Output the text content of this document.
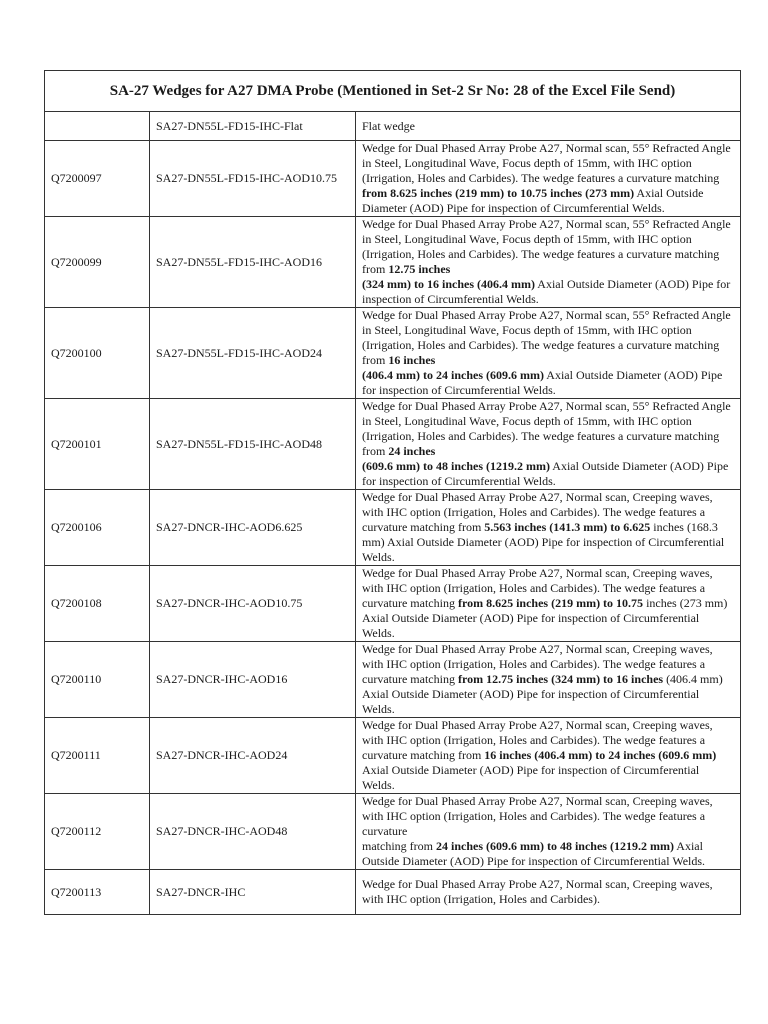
SA-27 Wedges for A27 DMA Probe (Mentioned in Set-2 Sr No: 28 of the Excel File Send)		
	SA27-DN55L-FD15-IHC-Flat	Flat wedge
Q7200097	SA27-DN55L-FD15-IHC-AOD10.75	Wedge for Dual Phased Array Probe A27, Normal scan, 55° Refracted Angle in Steel, Longitudinal Wave, Focus depth of 15mm, with IHC option (Irrigation, Holes and Carbides). The wedge features a curvature matching from 8.625 inches (219 mm) to 10.75 inches (273 mm) Axial Outside Diameter (AOD) Pipe for inspection of Circumferential Welds.
Q7200099	SA27-DN55L-FD15-IHC-AOD16	Wedge for Dual Phased Array Probe A27, Normal scan, 55° Refracted Angle in Steel, Longitudinal Wave, Focus depth of 15mm, with IHC option (Irrigation, Holes and Carbides). The wedge features a curvature matching from 12.75 inches
(324 mm) to 16 inches (406.4 mm) Axial Outside Diameter (AOD) Pipe for inspection of Circumferential Welds.
Q7200100	SA27-DN55L-FD15-IHC-AOD24	Wedge for Dual Phased Array Probe A27, Normal scan, 55° Refracted Angle in Steel, Longitudinal Wave, Focus depth of 15mm, with IHC option (Irrigation, Holes and Carbides). The wedge features a curvature matching from 16 inches
(406.4 mm) to 24 inches (609.6 mm) Axial Outside Diameter (AOD) Pipe for inspection of Circumferential Welds.
Q7200101	SA27-DN55L-FD15-IHC-AOD48	Wedge for Dual Phased Array Probe A27, Normal scan, 55° Refracted Angle in Steel, Longitudinal Wave, Focus depth of 15mm, with IHC option (Irrigation, Holes and Carbides). The wedge features a curvature matching from 24 inches
(609.6 mm) to 48 inches (1219.2 mm) Axial Outside Diameter (AOD) Pipe for inspection of Circumferential Welds.
Q7200106	SA27-DNCR-IHC-AOD6.625	Wedge for Dual Phased Array Probe A27, Normal scan, Creeping waves, with IHC option (Irrigation, Holes and Carbides). The wedge features a curvature matching from 5.563 inches (141.3 mm) to 6.625 inches (168.3 mm) Axial Outside Diameter (AOD) Pipe for inspection of Circumferential Welds.
Q7200108	SA27-DNCR-IHC-AOD10.75	Wedge for Dual Phased Array Probe A27, Normal scan, Creeping waves, with IHC option (Irrigation, Holes and Carbides). The wedge features a curvature matching from 8.625 inches (219 mm) to 10.75 inches (273 mm) Axial Outside Diameter (AOD) Pipe for inspection of Circumferential Welds.
Q7200110	SA27-DNCR-IHC-AOD16	Wedge for Dual Phased Array Probe A27, Normal scan, Creeping waves, with IHC option (Irrigation, Holes and Carbides). The wedge features a curvature matching from 12.75 inches (324 mm) to 16 inches (406.4 mm) Axial Outside Diameter (AOD) Pipe for inspection of Circumferential Welds.
Q7200111	SA27-DNCR-IHC-AOD24	Wedge for Dual Phased Array Probe A27, Normal scan, Creeping waves, with IHC option (Irrigation, Holes and Carbides). The wedge features a curvature matching from 16 inches (406.4 mm) to 24 inches (609.6 mm) Axial Outside Diameter (AOD) Pipe for inspection of Circumferential Welds.
Q7200112	SA27-DNCR-IHC-AOD48	Wedge for Dual Phased Array Probe A27, Normal scan, Creeping waves, with IHC option (Irrigation, Holes and Carbides). The wedge features a curvature
matching from 24 inches (609.6 mm) to 48 inches (1219.2 mm) Axial Outside Diameter (AOD) Pipe for inspection of Circumferential Welds.
Q7200113	SA27-DNCR-IHC	Wedge for Dual Phased Array Probe A27, Normal scan, Creeping waves, with IHC option (Irrigation, Holes and Carbides).
